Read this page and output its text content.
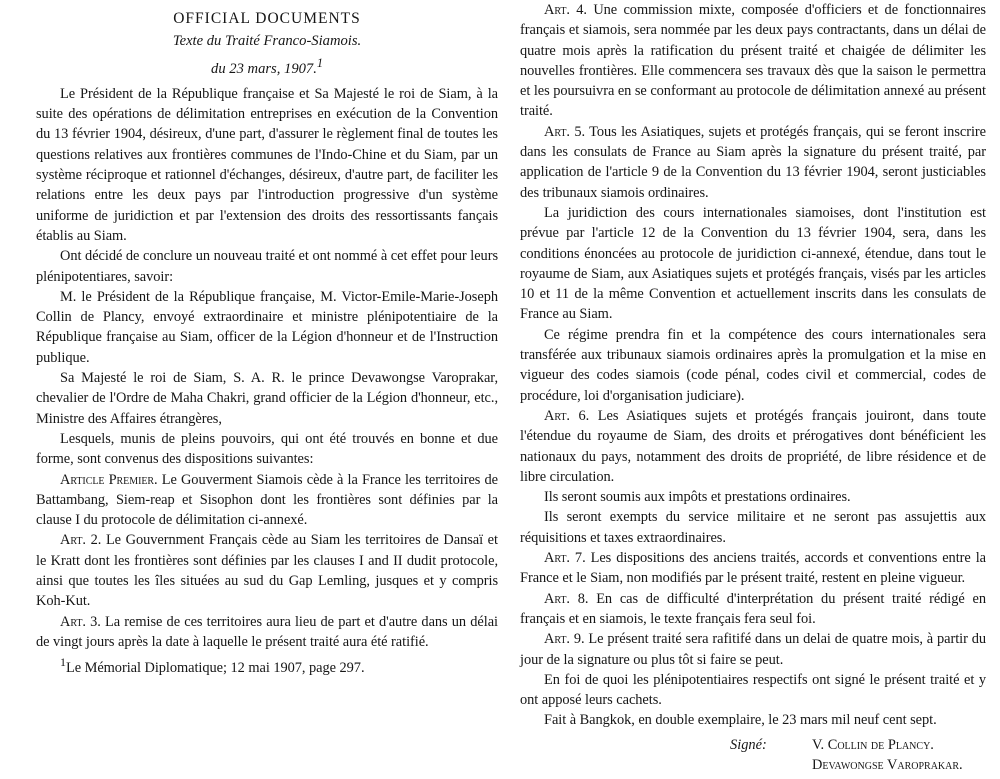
OFFICIAL DOCUMENTS
Texte du Traité Franco-Siamois.
du 23 mars, 1907.$^1$

Le Président de la République française et Sa Majesté le roi de Siam, à la suite des opérations de délimitation entreprises en exécution de la Convention du 13 février 1904, désireux, d'une part, d'assurer le règlement final de toutes les questions relatives aux frontières communes de l'Indo-Chine et du Siam, par un système réciproque et rationnel d'échanges, désireux, d'autre part, de faciliter les relations entre les deux pays par l'introduction progressive d'un système uniforme de juridiction et par l'extension des droits des ressortissants fançais établis au Siam.

Ont décidé de conclure un nouveau traité et ont nommé à cet effet pour leurs plénipotentiares, savoir:

M. le Président de la République française, M. Victor-Emile-Marie-Joseph Collin de Plancy, envoyé extraordinaire et ministre plénipotentiaire de la République française au Siam, officer de la Légion d'honneur et de l'Instruction publique.

Sa Majesté le roi de Siam, S. A. R. le prince Devawongse Varoprakar, chevalier de l'Ordre de Maha Chakri, grand officier de la Légion d'honneur, etc., Ministre des Affaires étrangères,

Lesquels, munis de pleins pouvoirs, qui ont été trouvés en bonne et due forme, sont convenus des dispositions suivantes:

Article Premier. Le Gouverment Siamois cède à la France les territoires de Battambang, Siem-reap et Sisophon dont les frontières sont définies par la clause I du protocole de délimitation ci-annexé.

Art. 2. Le Gouvernment Français cède au Siam les territoires de Dansaï et le Kratt dont les frontières sont définies par les clauses I and II dudit protocole, ainsi que toutes les îles situées au sud du Gap Lemling, jusques et y compris Koh-Kut.

Art. 3. La remise de ces territoires aura lieu de part et d'autre dans un délai de vingt jours après la date à laquelle le présent traité aura été ratifié.

$^1$Le Mémorial Diplomatique; 12 mai 1907, page 297.

Art. 4. Une commission mixte, composée d'officiers et de fonctionnaires français et siamois, sera nommée par les deux pays contractants, dans un délai de quatre mois après la ratification du présent traité et chaigée de délimiter les nouvelles frontières. Elle commencera ses travaux dès que la saison le permettra et les poursuivra en se conformant au protocole de délimitation annexé au présent traité.

Art. 5. Tous les Asiatiques, sujets et protégés français, qui se feront inscrire dans les consulats de France au Siam après la signature du présent traité, par application de l'article 9 de la Convention du 13 février 1904, seront justiciables des tribunaux siamois ordinaires.

La juridiction des cours internationales siamoises, dont l'institution est prévue par l'article 12 de la Convention du 13 février 1904, sera, dans les conditions énoncées au protocole de juridiction ci-annexé, étendue, dans tout le royaume de Siam, aux Asiatiques sujets et protégés français, visés par les articles 10 et 11 de la même Convention et actuellement inscrits dans les consulats de France au Siam.

Ce régime prendra fin et la compétence des cours internationales sera transférée aux tribunaux siamois ordinaires après la promulgation et la mise en vigueur des codes siamois (code pénal, codes civil et commercial, codes de procédure, loi d'organisation judiciare).

Art. 6. Les Asiatiques sujets et protégés français jouiront, dans toute l'étendue du royaume de Siam, des droits et prérogatives dont bénéficient les nationaux du pays, notamment des droits de propriété, de libre résidence et de libre circulation.

Ils seront soumis aux impôts et prestations ordinaires.

Ils seront exempts du service militaire et ne seront pas assujettis aux réquisitions et taxes extraordinaires.

Art. 7. Les dispositions des anciens traités, accords et conventions entre la France et le Siam, non modifiés par le présent traité, restent en pleine vigueur.

Art. 8. En cas de difficulté d'interprétation du présent traité rédigé en français et en siamois, le texte français fera seul foi.

Art. 9. Le présent traité sera rafitifé dans un delai de quatre mois, à partir du jour de la signature ou plus tôt si faire se peut.

En foi de quoi les plénipotentiaires respectifs ont signé le présent traité et y ont apposé leurs cachets.

Fait à Bangkok, en double exemplaire, le 23 mars mil neuf cent sept.

Signé:	V. Collin de Plancy.
Devawongse Varoprakar.
